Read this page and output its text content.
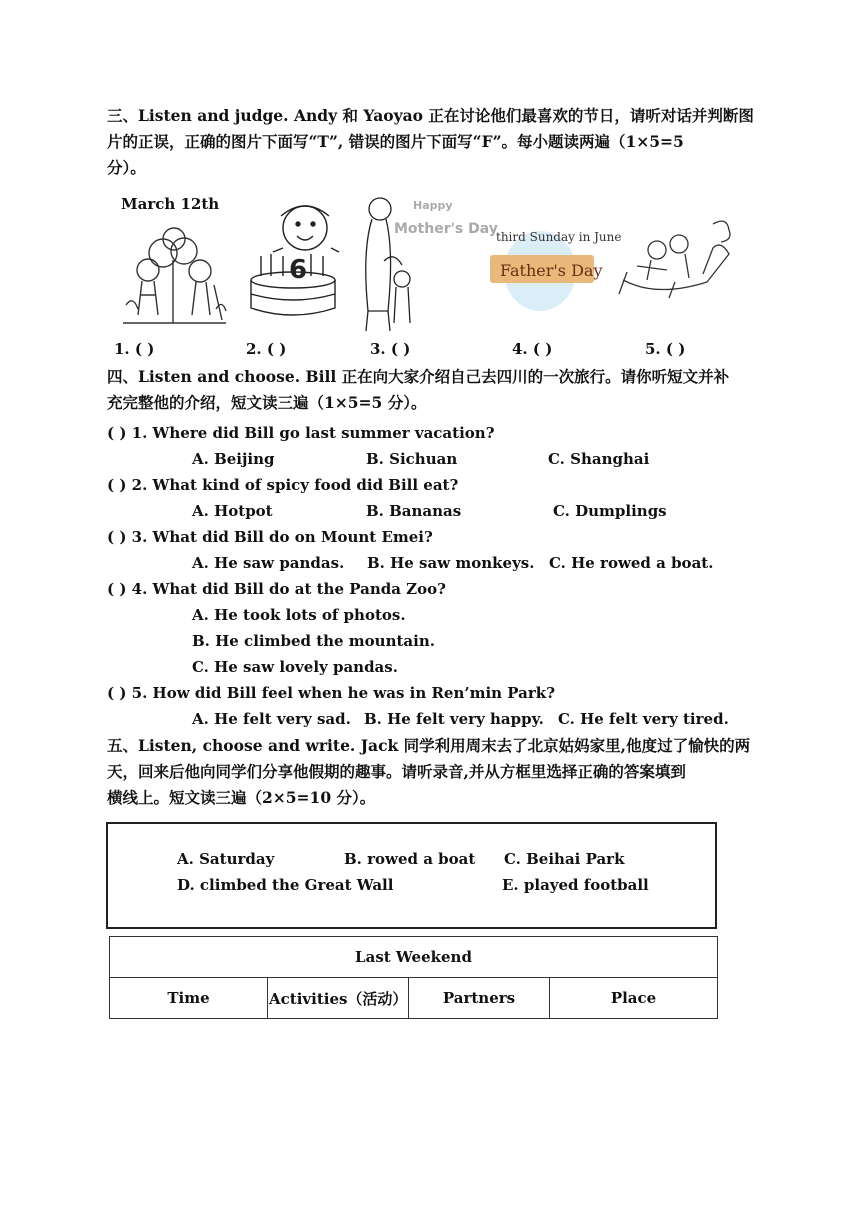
三、Listen and judge. Andy 和 Yaoyao 正在讨论他们最喜欢的节日，请听对话并判断图
片的正误，正确的图片下面写“T”, 错误的图片下面写“F”。每小题读两遍（1×5=5
分）。
March 12th
6
Happy
Mother's Day
third Sunday in June
Father's Day
1. ( )	2. ( )	3. ( )	4. ( )	5. ( )
四、Listen and choose. Bill 正在向大家介绍自己去四川的一次旅行。请你听短文并补
充完整他的介绍，短文读三遍（1×5=5 分）。
( ) 1. Where did Bill go last summer vacation?
A. Beijing	B. Sichuan	C. Shanghai
( ) 2. What kind of spicy food did Bill eat?
A. Hotpot	B. Bananas	C. Dumplings
( ) 3. What did Bill do on Mount Emei?
A. He saw pandas. B. He saw monkeys. C. He rowed a boat.
( ) 4. What did Bill do at the Panda Zoo?
A. He took lots of photos.
B. He climbed the mountain.
C. He saw lovely pandas.
( ) 5. How did Bill feel when he was in Ren’min Park?
A. He felt very sad. B. He felt very happy. C. He felt very tired.
五、Listen, choose and write. Jack 同学利用周末去了北京姑妈家里,他度过了愉快的两
天，回来后他向同学们分享他假期的趣事。请听录音,并从方框里选择正确的答案填到
横线上。短文读三遍（2×5=10 分）。
A. Saturday	B. rowed a boat C. Beihai Park
D. climbed the Great Wall	E. played football
Last Weekend
Time	Activities（活动）	Partners	Place
